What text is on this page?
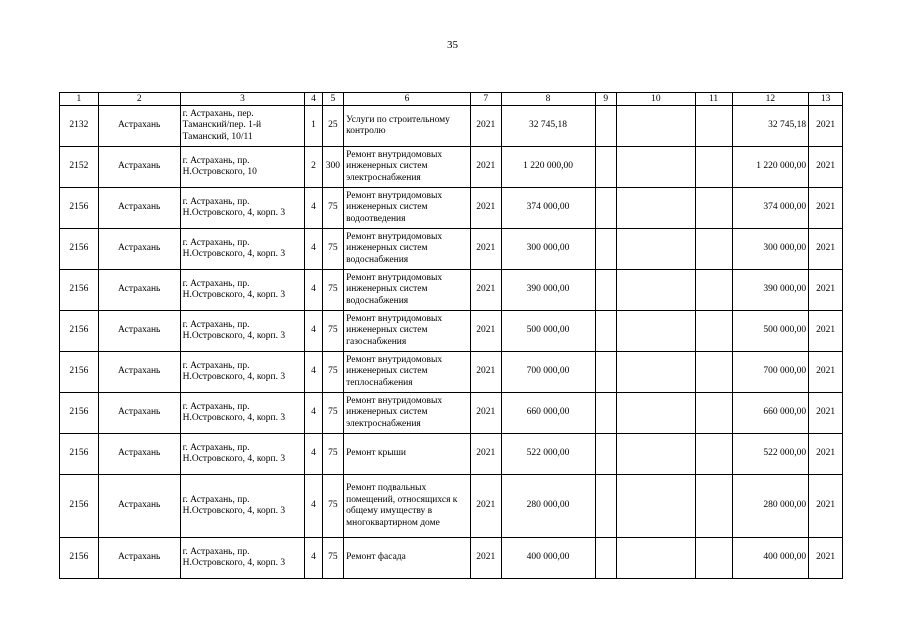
35
1	2	3	4	5	6	7	8	9	10	11	12	13
2132	Астрахань	г. Астрахань, пер. Таманский/пер. 1-й Таманский, 10/11	1	25	Услуги по строительному контролю	2021	32 745,18				32 745,18	2021
2152	Астрахань	г. Астрахань, пр. Н.Островского, 10	2	300	Ремонт внутридомовых инженерных систем электроснабжения	2021	1 220 000,00				1 220 000,00	2021
2156	Астрахань	г. Астрахань, пр. Н.Островского, 4, корп. 3	4	75	Ремонт внутридомовых инженерных систем водоотведения	2021	374 000,00				374 000,00	2021
2156	Астрахань	г. Астрахань, пр. Н.Островского, 4, корп. 3	4	75	Ремонт внутридомовых инженерных систем водоснабжения	2021	300 000,00				300 000,00	2021
2156	Астрахань	г. Астрахань, пр. Н.Островского, 4, корп. 3	4	75	Ремонт внутридомовых инженерных систем водоснабжения	2021	390 000,00				390 000,00	2021
2156	Астрахань	г. Астрахань, пр. Н.Островского, 4, корп. 3	4	75	Ремонт внутридомовых инженерных систем газоснабжения	2021	500 000,00				500 000,00	2021
2156	Астрахань	г. Астрахань, пр. Н.Островского, 4, корп. 3	4	75	Ремонт внутридомовых инженерных систем теплоснабжения	2021	700 000,00				700 000,00	2021
2156	Астрахань	г. Астрахань, пр. Н.Островского, 4, корп. 3	4	75	Ремонт внутридомовых инженерных систем электроснабжения	2021	660 000,00				660 000,00	2021
2156	Астрахань	г. Астрахань, пр. Н.Островского, 4, корп. 3	4	75	Ремонт крыши	2021	522 000,00				522 000,00	2021
2156	Астрахань	г. Астрахань, пр. Н.Островского, 4, корп. 3	4	75	Ремонт подвальных помещений, относящихся к общему имуществу в многоквартирном доме	2021	280 000,00				280 000,00	2021
2156	Астрахань	г. Астрахань, пр. Н.Островского, 4, корп. 3	4	75	Ремонт фасада	2021	400 000,00				400 000,00	2021
